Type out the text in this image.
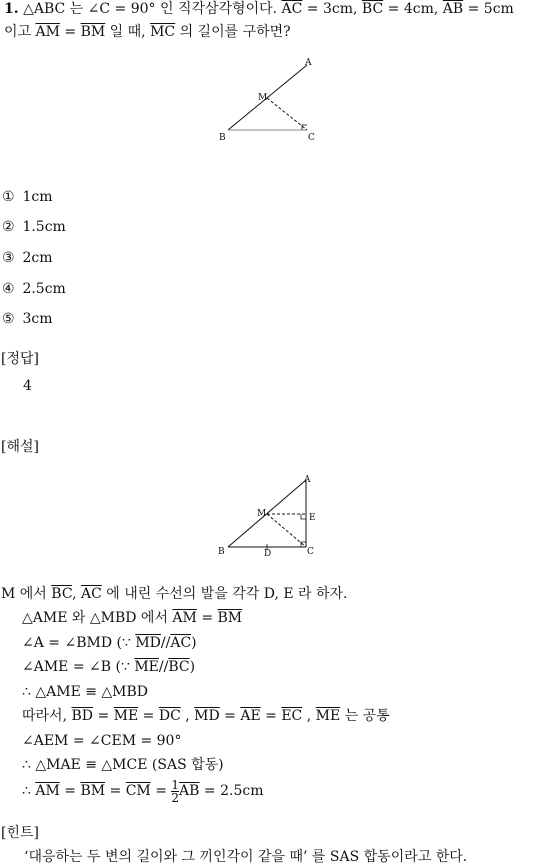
1. △ABC 는 ∠C = 90° 인 직각삼각형이다. $\overline{AC} = 3cm$, $\overline{BC} = 4cm$, $\overline{AB} = 5cm$
이고 $\overline{AM} = \overline{BM}$ 일 때, $\overline{MC}$ 의 길이를 구하면?
A
M
B	C
① 1cm
② 1.5cm
③ 2cm
④ 2.5cm
⑤ 3cm
[정답]
4
[해설]
A
M	E
B	D	C
M 에서 $\overline{BC}$, $\overline{AC}$ 에 내린 수선의 발을 각각 D, E 라 하자.
△AME 와 △MBD 에서 $\overline{AM} = \overline{BM}$
∠A = ∠BMD (∵ $\overline{MD}//\overline{AC}$)
∠AME = ∠B (∵ $\overline{ME}//\overline{BC}$)
∴ △AME ≡ △MBD
따라서, $\overline{BD} = \overline{ME} = \overline{DC}$ , $\overline{MD} = \overline{AE} = \overline{EC}$ , $\overline{ME}$ 는 공통
∠AEM = ∠CEM = 90°
∴ △MAE ≡ △MCE (SAS 합동)
∴ $\overline{AM} = \overline{BM} = \overline{CM} = \frac{1}{2} \overline{AB} = 2.5cm$
[힌트]
‘대응하는 두 변의 길이와 그 끼인각이 같을 때’ 를 SAS 합동이라고 한다.
